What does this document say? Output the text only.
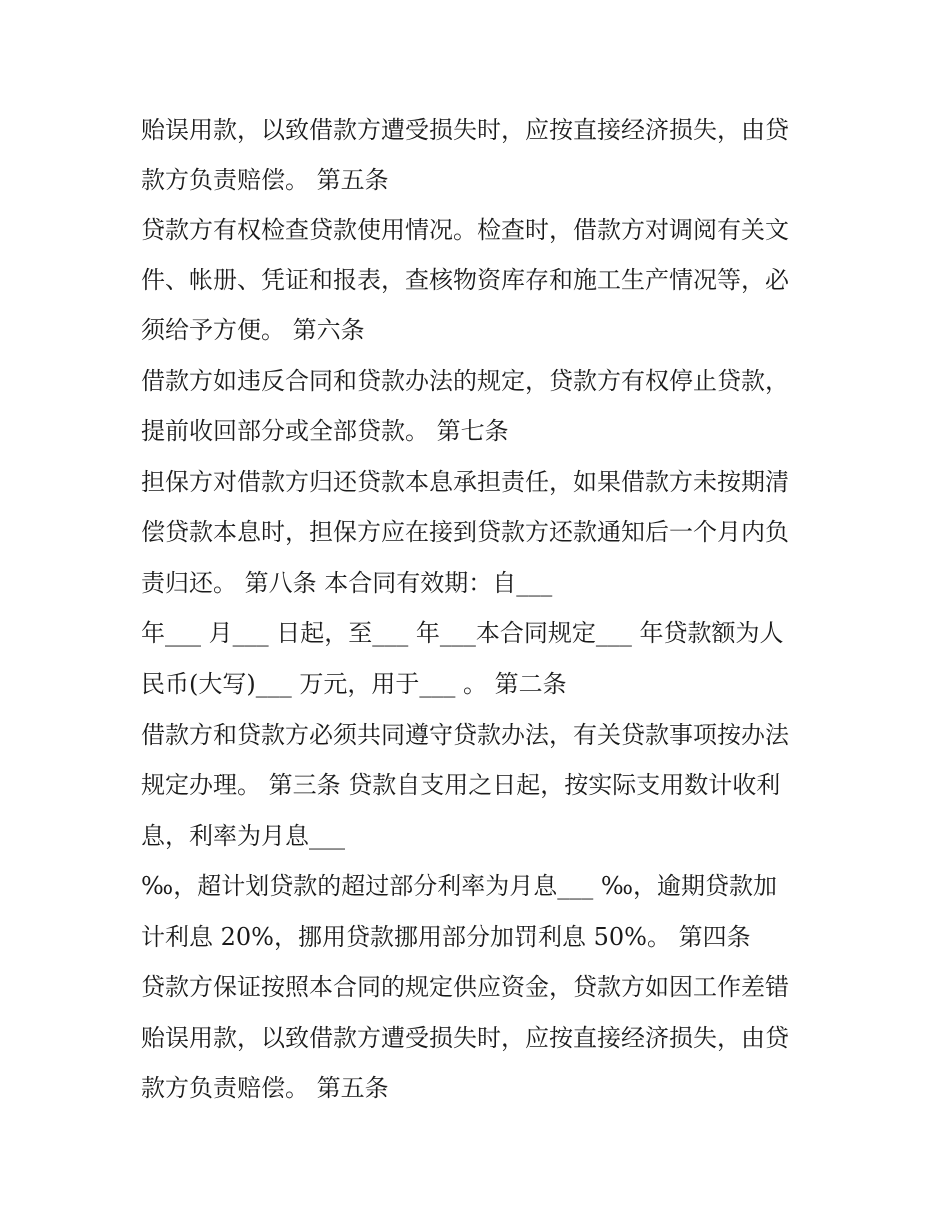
贻误用款，以致借款方遭受损失时，应按直接经济损失，由贷
款方负责赔偿。 第五条
贷款方有权检查贷款使用情况。检查时，借款方对调阅有关文
件、帐册、凭证和报表，查核物资库存和施工生产情况等，必
须给予方便。 第六条
借款方如违反合同和贷款办法的规定，贷款方有权停止贷款，
提前收回部分或全部贷款。 第七条
担保方对借款方归还贷款本息承担责任，如果借款方未按期清
偿贷款本息时，担保方应在接到贷款方还款通知后一个月内负
责归还。 第八条 本合同有效期：自___
年___ 月___ 日起，至___ 年___本合同规定___ 年贷款额为人
民币(大写)___ 万元，用于___ 。 第二条
借款方和贷款方必须共同遵守贷款办法，有关贷款事项按办法
规定办理。 第三条 贷款自支用之日起，按实际支用数计收利
息，利率为月息___
‰，超计划贷款的超过部分利率为月息___ ‰，逾期贷款加
计利息 20%，挪用贷款挪用部分加罚利息 50%。 第四条
贷款方保证按照本合同的规定供应资金，贷款方如因工作差错
贻误用款，以致借款方遭受损失时，应按直接经济损失，由贷
款方负责赔偿。 第五条
